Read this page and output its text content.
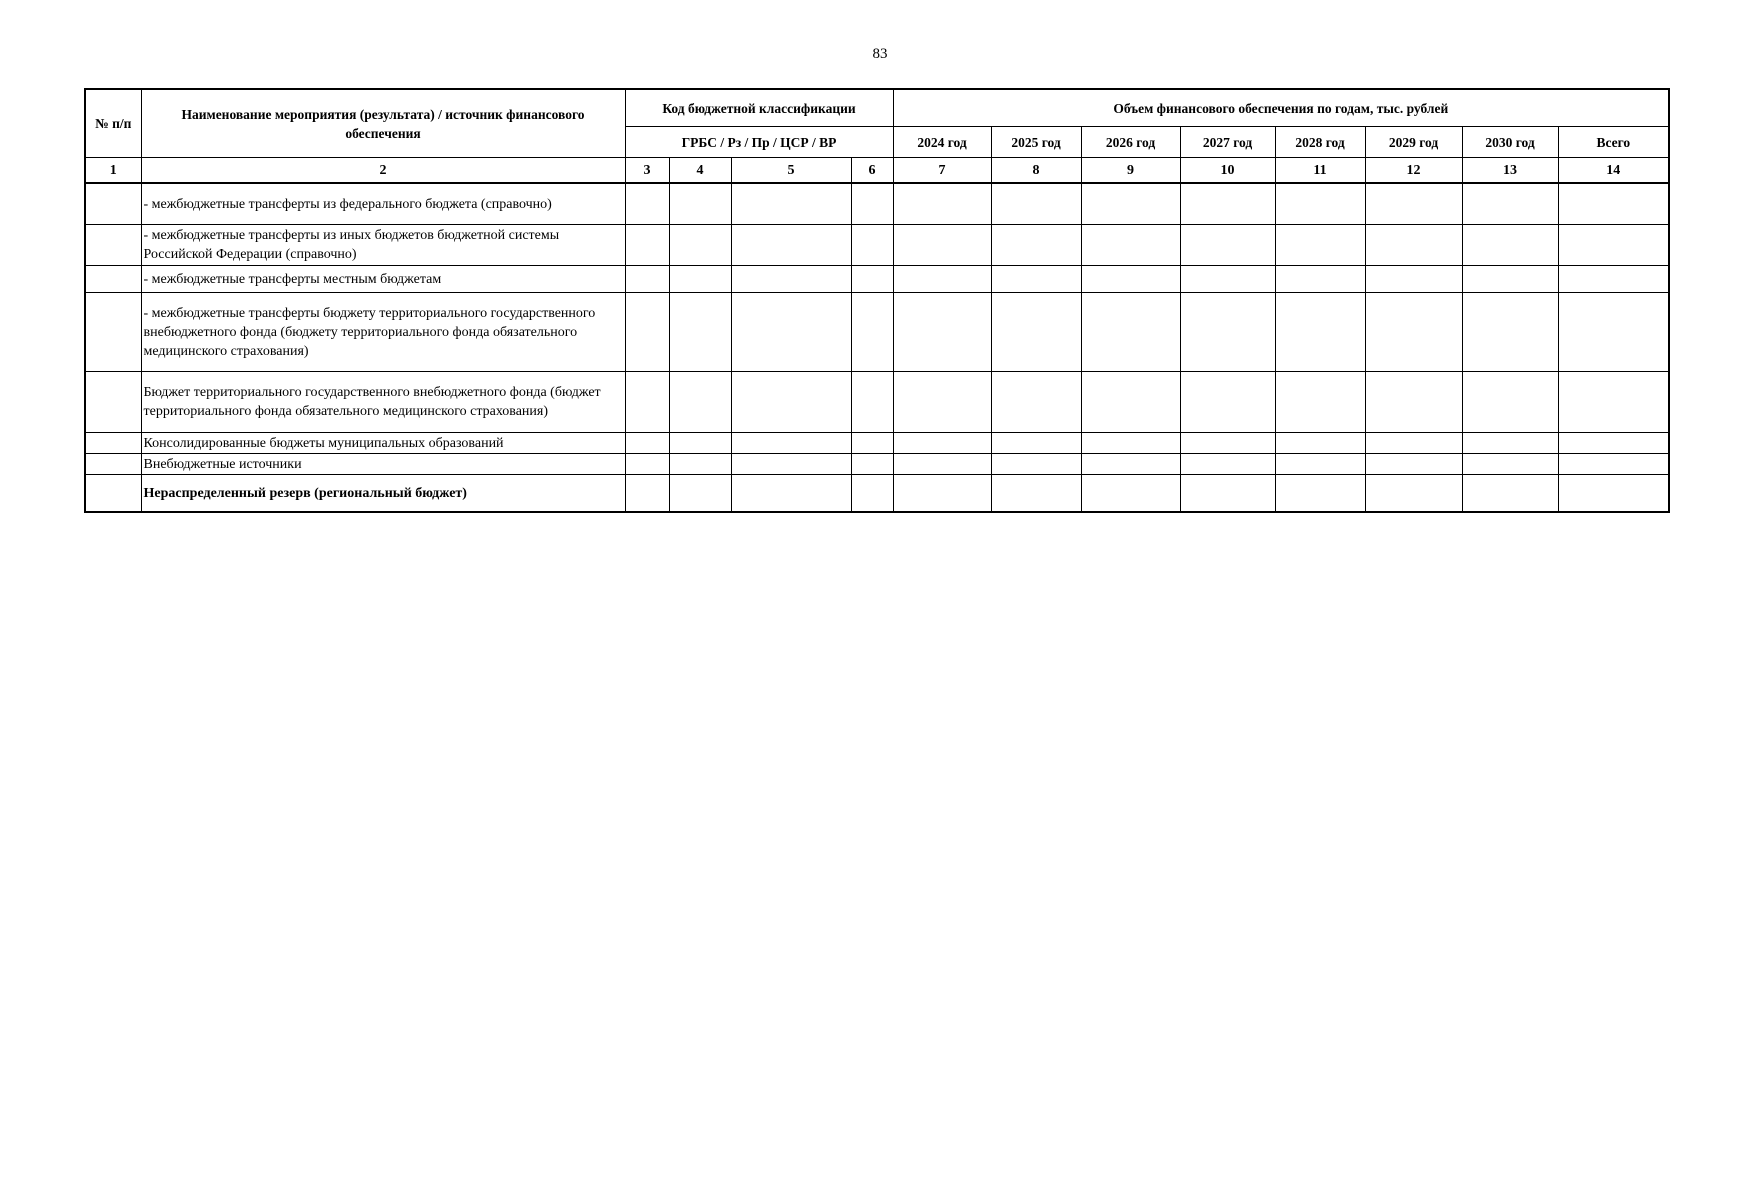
83
№ п/п	Наименование мероприятия (результата) / источник финансового обеспечения	Код бюджетной классификации				Объем финансового обеспечения по годам, тыс. рублей							
		ГРБС / Рз / Пр / ЦСР / ВР				2024 год	2025 год	2026 год	2027 год	2028 год	2029 год	2030 год	Всего
1	2	3	4	5	6	7	8	9	10	11	12	13	14
	- межбюджетные трансферты из федерального бюджета (справочно)												
	- межбюджетные трансферты из иных бюджетов бюджетной системы Российской Федерации (справочно)												
	- межбюджетные трансферты местным бюджетам												
	- межбюджетные трансферты бюджету территориального государственного внебюджетного фонда (бюджету территориального фонда обязательного медицинского страхования)												
	Бюджет территориального государственного внебюджетного фонда (бюджет территориального фонда обязательного медицинского страхования)												
	Консолидированные бюджеты муниципальных образований												
	Внебюджетные источники												
	Нераспределенный резерв (региональный бюджет)												
